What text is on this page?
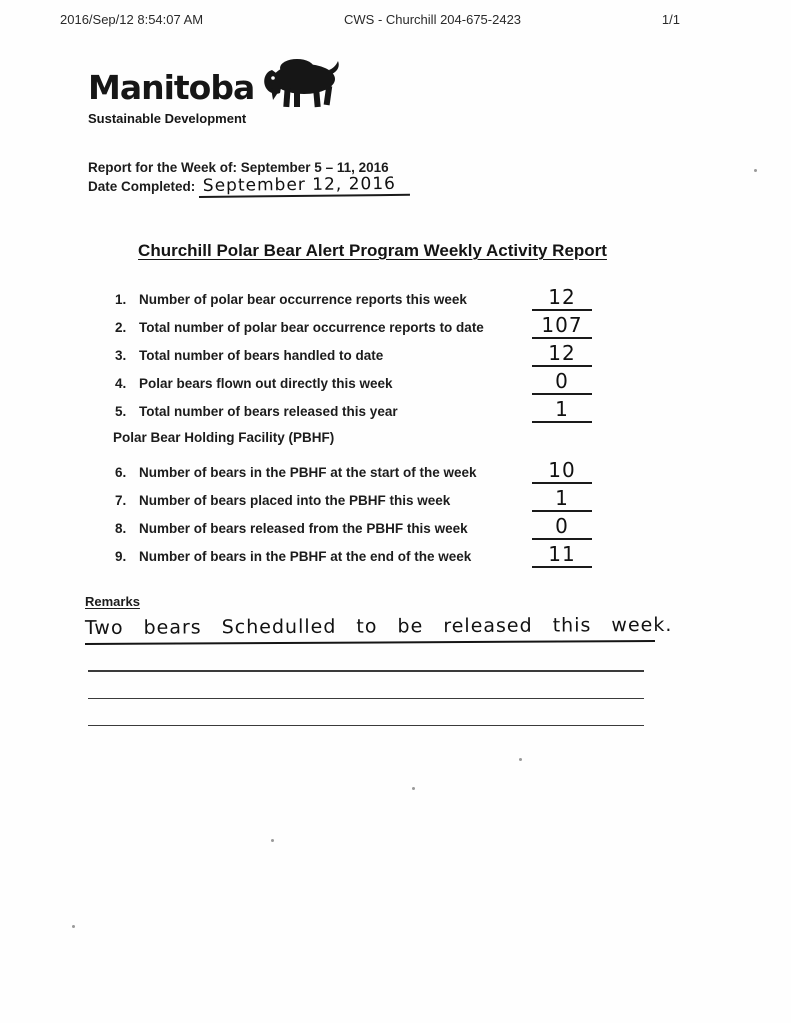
2016/Sep/12 8:54:07 AM	CWS - Churchill 204-675-2423	1/1
Manitoba
Sustainable Development
Report for the Week of: September 5 – 11, 2016
Date Completed: September 12, 2016
Churchill Polar Bear Alert Program Weekly Activity Report
1. Number of polar bear occurrence reports this week	12
2. Total number of polar bear occurrence reports to date	107
3. Total number of bears handled to date	12
4. Polar bears flown out directly this week	0
5. Total number of bears released this year	1
Polar Bear Holding Facility (PBHF)
6. Number of bears in the PBHF at the start of the week	10
7. Number of bears placed into the PBHF this week	1
8. Number of bears released from the PBHF this week	0
9. Number of bears in the PBHF at the end of the week	11
Remarks
Two bears Schedulled to be released this week.
